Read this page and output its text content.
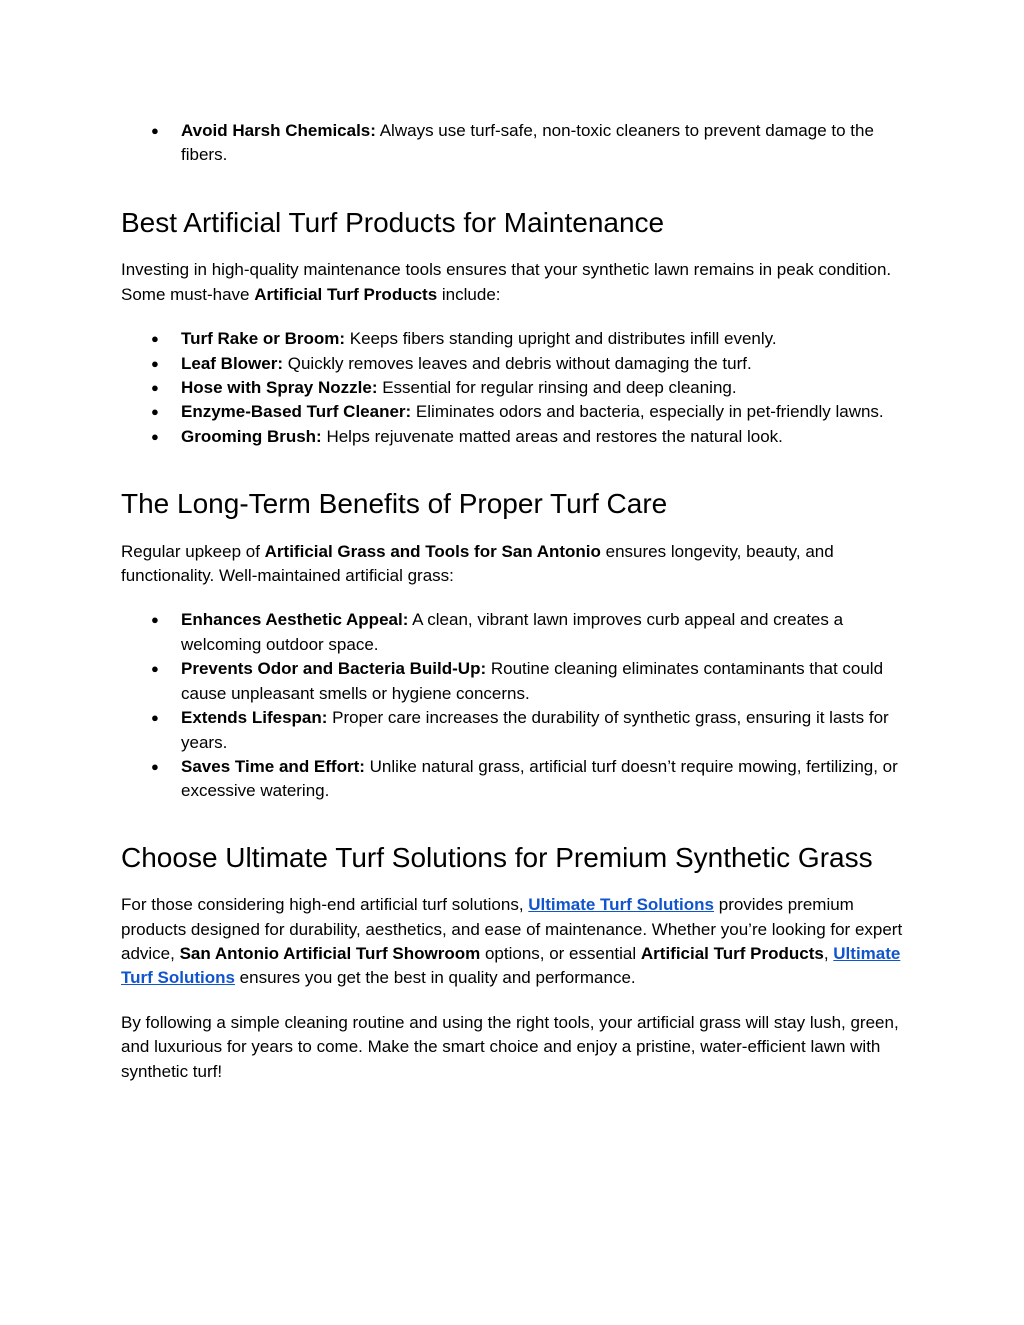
● Avoid Harsh Chemicals: Always use turf-safe, non-toxic cleaners to prevent damage to the fibers.
Best Artificial Turf Products for Maintenance

Investing in high-quality maintenance tools ensures that your synthetic lawn remains in peak condition. Some must-have Artificial Turf Products include:

● Turf Rake or Broom: Keeps fibers standing upright and distributes infill evenly.
● Leaf Blower: Quickly removes leaves and debris without damaging the turf.
● Hose with Spray Nozzle: Essential for regular rinsing and deep cleaning.
● Enzyme-Based Turf Cleaner: Eliminates odors and bacteria, especially in pet-friendly lawns.
● Grooming Brush: Helps rejuvenate matted areas and restores the natural look.
The Long-Term Benefits of Proper Turf Care

Regular upkeep of Artificial Grass and Tools for San Antonio ensures longevity, beauty, and functionality. Well-maintained artificial grass:

● Enhances Aesthetic Appeal: A clean, vibrant lawn improves curb appeal and creates a welcoming outdoor space.
● Prevents Odor and Bacteria Build-Up: Routine cleaning eliminates contaminants that could cause unpleasant smells or hygiene concerns.
● Extends Lifespan: Proper care increases the durability of synthetic grass, ensuring it lasts for years.
● Saves Time and Effort: Unlike natural grass, artificial turf doesn’t require mowing, fertilizing, or excessive watering.
Choose Ultimate Turf Solutions for Premium Synthetic Grass

For those considering high-end artificial turf solutions, Ultimate Turf Solutions provides premium products designed for durability, aesthetics, and ease of maintenance. Whether you’re looking for expert advice, San Antonio Artificial Turf Showroom options, or essential Artificial Turf Products, Ultimate Turf Solutions ensures you get the best in quality and performance.

By following a simple cleaning routine and using the right tools, your artificial grass will stay lush, green, and luxurious for years to come. Make the smart choice and enjoy a pristine, water-efficient lawn with synthetic turf!
